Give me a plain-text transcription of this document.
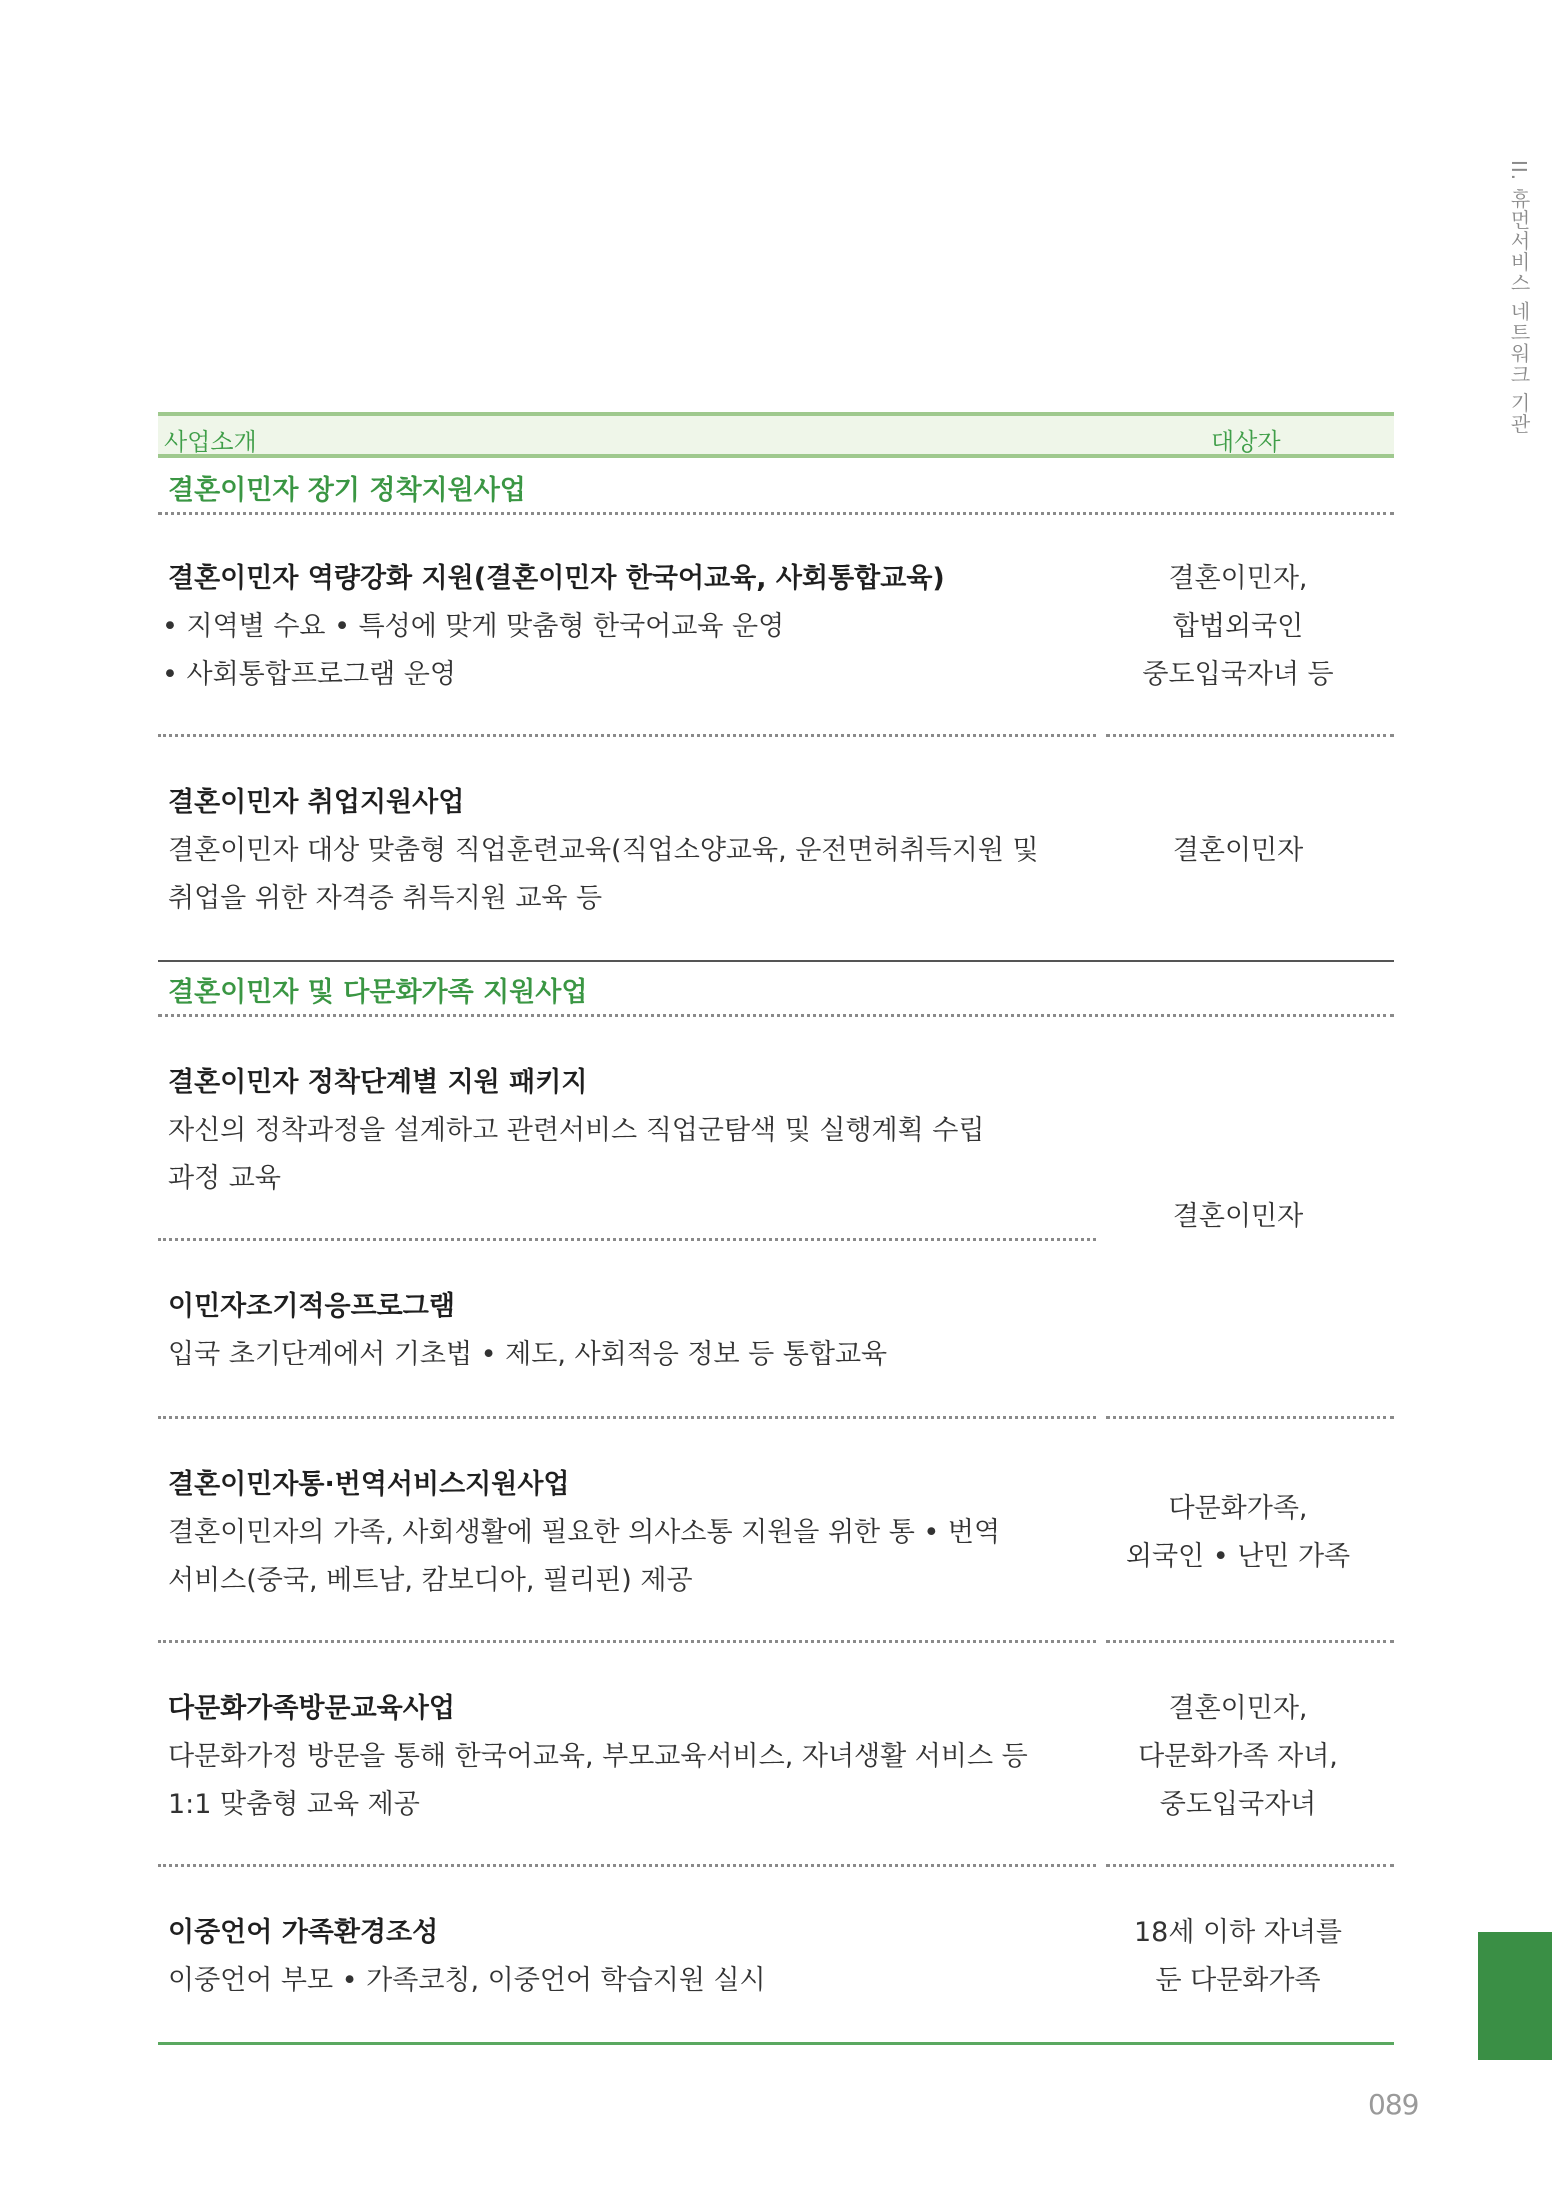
II. 휴먼서비스 네트워크 기관
089
사업소개	대상자
결혼이민자 장기 정착지원사업
결혼이민자 역량강화 지원(결혼이민자 한국어교육, 사회통합교육)
• 지역별 수요 • 특성에 맞게 맞춤형 한국어교육 운영
• 사회통합프로그램 운영
결혼이민자,
합법외국인
중도입국자녀 등
결혼이민자 취업지원사업
결혼이민자 대상 맞춤형 직업훈련교육(직업소양교육, 운전면허취득지원 및
취업을 위한 자격증 취득지원 교육 등
결혼이민자
결혼이민자 및 다문화가족 지원사업
결혼이민자 정착단계별 지원 패키지
자신의 정착과정을 설계하고 관련서비스 직업군탐색 및 실행계획 수립
과정 교육
결혼이민자
이민자조기적응프로그램
입국 초기단계에서 기초법 • 제도, 사회적응 정보 등 통합교육
결혼이민자통·번역서비스지원사업
결혼이민자의 가족, 사회생활에 필요한 의사소통 지원을 위한 통 • 번역
서비스(중국, 베트남, 캄보디아, 필리핀) 제공
다문화가족,
외국인 • 난민 가족
다문화가족방문교육사업
다문화가정 방문을 통해 한국어교육, 부모교육서비스, 자녀생활 서비스 등
1:1 맞춤형 교육 제공
결혼이민자,
다문화가족 자녀,
중도입국자녀
이중언어 가족환경조성
이중언어 부모 • 가족코칭, 이중언어 학습지원 실시
18세 이하 자녀를
둔 다문화가족
